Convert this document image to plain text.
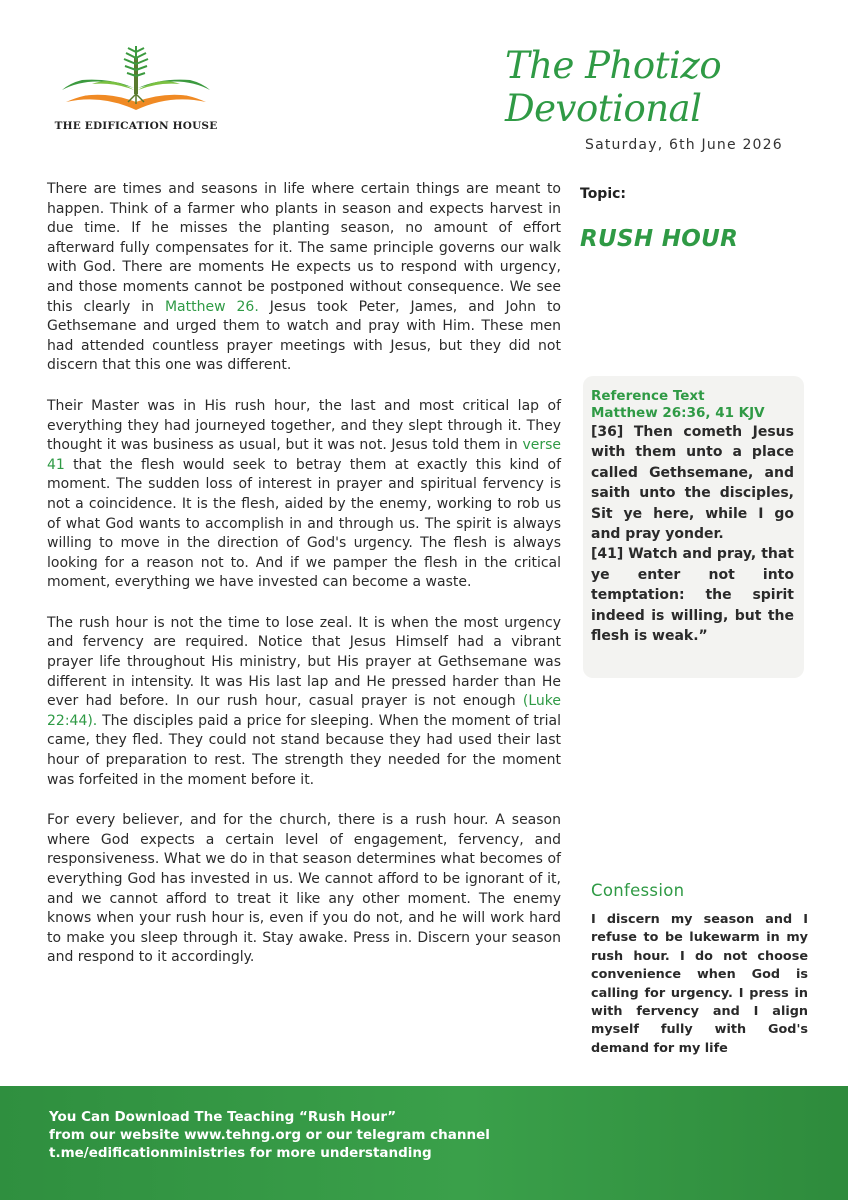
THE EDIFICATION HOUSE
The Photizo Devotional
Saturday, 6th June 2026

There are times and seasons in life where certain things are meant to happen. Think of a farmer who plants in season and expects harvest in due time. If he misses the planting season, no amount of effort afterward fully compensates for it. The same principle governs our walk with God. There are moments He expects us to respond with urgency, and those moments cannot be postponed without consequence. We see this clearly in Matthew 26. Jesus took Peter, James, and John to Gethsemane and urged them to watch and pray with Him. These men had attended countless prayer meetings with Jesus, but they did not discern that this one was different.

Their Master was in His rush hour, the last and most critical lap of everything they had journeyed together, and they slept through it. They thought it was business as usual, but it was not. Jesus told them in verse 41 that the flesh would seek to betray them at exactly this kind of moment. The sudden loss of interest in prayer and spiritual fervency is not a coincidence. It is the flesh, aided by the enemy, working to rob us of what God wants to accomplish in and through us. The spirit is always willing to move in the direction of God's urgency. The flesh is always looking for a reason not to. And if we pamper the flesh in the critical moment, everything we have invested can become a waste.

The rush hour is not the time to lose zeal. It is when the most urgency and fervency are required. Notice that Jesus Himself had a vibrant prayer life throughout His ministry, but His prayer at Gethsemane was different in intensity. It was His last lap and He pressed harder than He ever had before. In our rush hour, casual prayer is not enough (Luke 22:44). The disciples paid a price for sleeping. When the moment of trial came, they fled. They could not stand because they had used their last hour of preparation to rest. The strength they needed for the moment was forfeited in the moment before it.

For every believer, and for the church, there is a rush hour. A season where God expects a certain level of engagement, fervency, and responsiveness. What we do in that season determines what becomes of everything God has invested in us. We cannot afford to be ignorant of it, and we cannot afford to treat it like any other moment. The enemy knows when your rush hour is, even if you do not, and he will work hard to make you sleep through it. Stay awake. Press in. Discern your season and respond to it accordingly.

Topic:
RUSH HOUR
Reference Text
Matthew 26:36, 41 KJV

[36] Then cometh Jesus with them unto a place called Gethsemane, and saith unto the disciples, Sit ye here, while I go and pray yonder.

[41] Watch and pray, that ye enter not into temptation: the spirit indeed is willing, but the flesh is weak.”

Confession
I discern my season and I refuse to be lukewarm in my rush hour. I do not choose convenience when God is calling for urgency. I press in with fervency and I align myself fully with God's demand for my life
You Can Download The Teaching “Rush Hour”
from our website www.tehng.org or our telegram channel
t.me/edificationministries for more understanding
